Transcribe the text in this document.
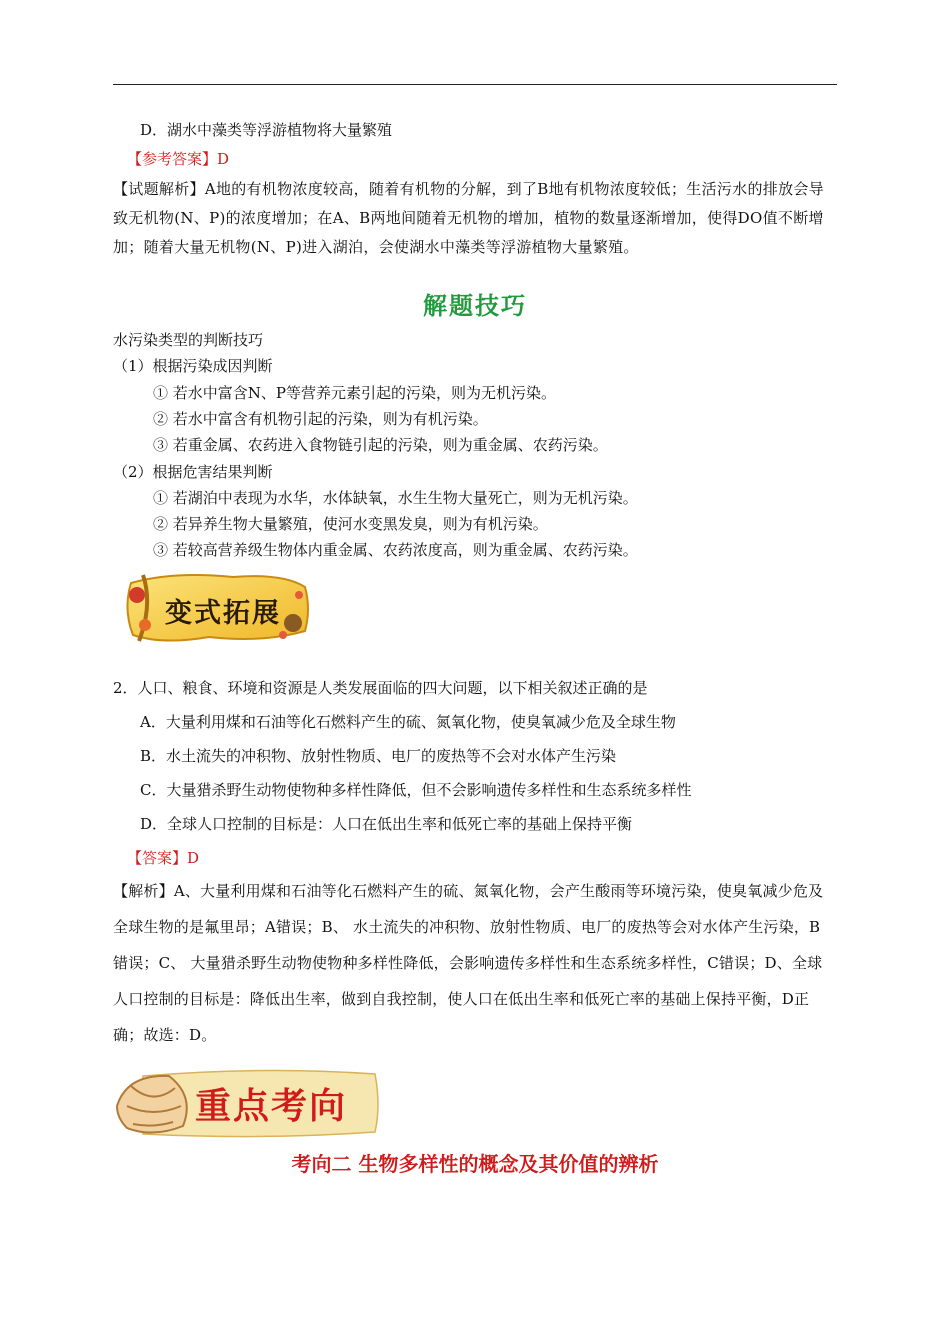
D．湖水中藻类等浮游植物将大量繁殖
【参考答案】D
【试题解析】A地的有机物浓度较高，随着有机物的分解，到了B地有机物浓度较低；生活污水的排放会导致无机物(N、P)的浓度增加；在A、B两地间随着无机物的增加，植物的数量逐渐增加，使得DO值不断增加；随着大量无机物(N、P)进入湖泊，会使湖水中藻类等浮游植物大量繁殖。
解题技巧
水污染类型的判断技巧
（1）根据污染成因判断
① 若水中富含N、P等营养元素引起的污染，则为无机污染。
② 若水中富含有机物引起的污染，则为有机污染。
③ 若重金属、农药进入食物链引起的污染，则为重金属、农药污染。
（2）根据危害结果判断
① 若湖泊中表现为水华，水体缺氧，水生生物大量死亡，则为无机污染。
② 若异养生物大量繁殖，使河水变黑发臭，则为有机污染。
③ 若较高营养级生物体内重金属、农药浓度高，则为重金属、农药污染。
变式拓展
2．人口、粮食、环境和资源是人类发展面临的四大问题，以下相关叙述正确的是
A．大量利用煤和石油等化石燃料产生的硫、氮氧化物，使臭氧减少危及全球生物
B．水土流失的冲积物、放射性物质、电厂的废热等不会对水体产生污染
C．大量猎杀野生动物使物种多样性降低，但不会影响遗传多样性和生态系统多样性
D．全球人口控制的目标是：人口在低出生率和低死亡率的基础上保持平衡
【答案】D
【解析】A、大量利用煤和石油等化石燃料产生的硫、氮氧化物，会产生酸雨等环境污染，使臭氧减少危及全球生物的是氟里昂；A错误；B、 水土流失的冲积物、放射性物质、电厂的废热等会对水体产生污染，B错误；C、 大量猎杀野生动物使物种多样性降低，会影响遗传多样性和生态系统多样性，C错误；D、全球人口控制的目标是：降低出生率，做到自我控制，使人口在低出生率和低死亡率的基础上保持平衡，D正确；故选：D。
重点考向
考向二 生物多样性的概念及其价值的辨析
